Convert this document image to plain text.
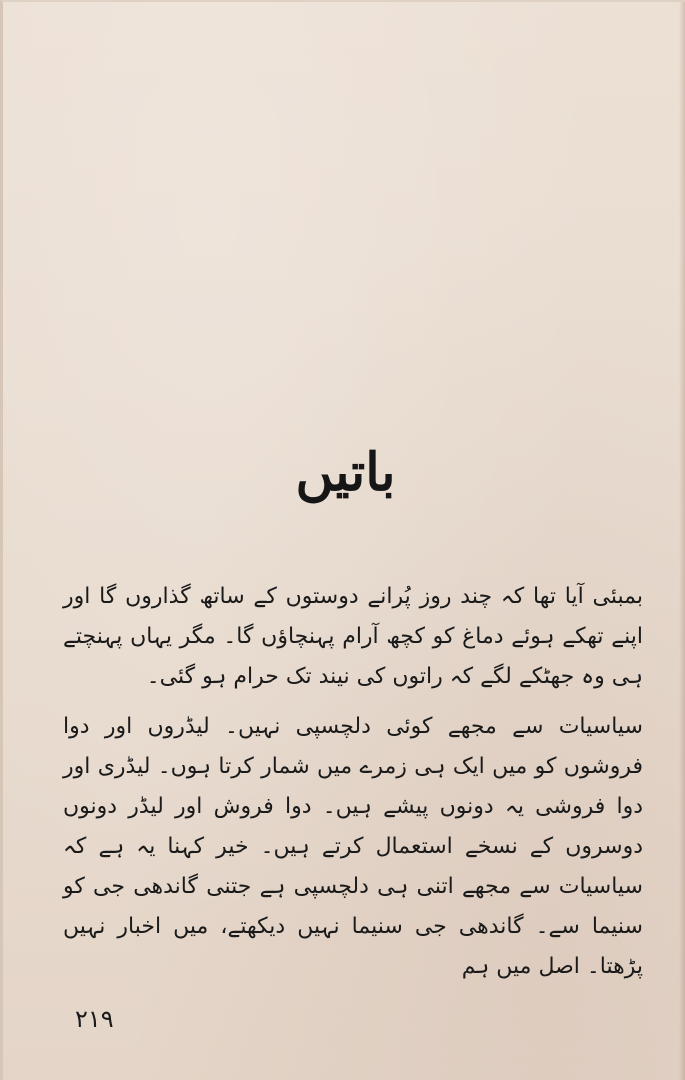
باتیں

بمبئی آیا تھا کہ چند روز پُرانے دوستوں کے ساتھ گذاروں گا اور اپنے تھکے ہوئے دماغ کو کچھ آرام پہنچاؤں گا۔ مگر یہاں پہنچتے ہی وہ جھٹکے لگے کہ راتوں کی نیند تک حرام ہو گئی۔

سیاسیات سے مجھے کوئی دلچسپی نہیں۔ لیڈروں اور دوا فروشوں کو میں ایک ہی زمرے میں شمار کرتا ہوں۔ لیڈری اور دوا فروشی یہ دونوں پیشے ہیں۔ دوا فروش اور لیڈر دونوں دوسروں کے نسخے استعمال کرتے ہیں۔ خیر کہنا یہ ہے کہ سیاسیات سے مجھے اتنی ہی دلچسپی ہے جتنی گاندھی جی کو سنیما سے۔ گاندھی جی سنیما نہیں دیکھتے، میں اخبار نہیں پڑھتا۔ اصل میں ہم

۲۱۹
